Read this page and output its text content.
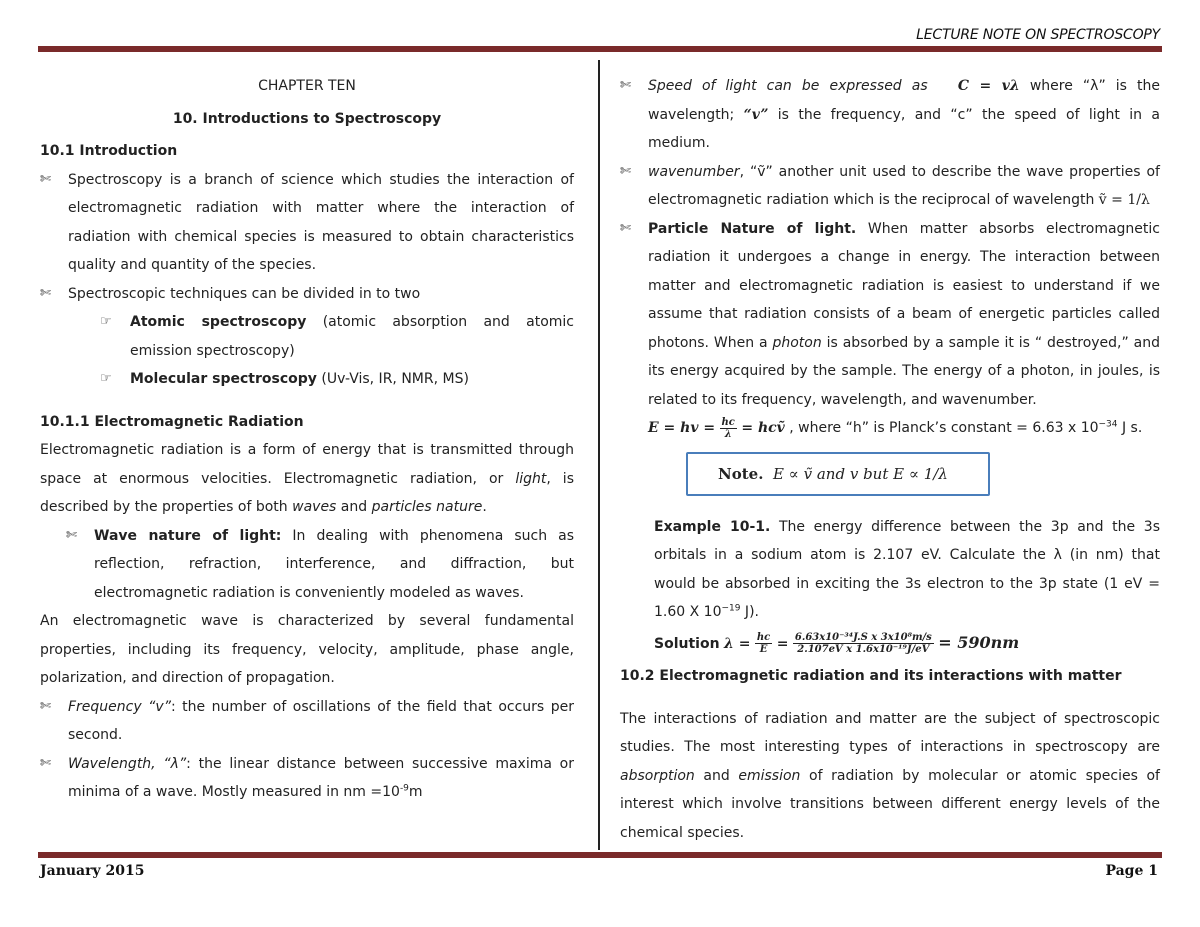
LECTURE NOTE ON SPECTROSCOPY

CHAPTER TEN

10. Introductions to Spectroscopy

10.1 Introduction

✄	Spectroscopy is a branch of science which studies the interaction of electromagnetic radiation with matter where the interaction of radiation with chemical species is measured to obtain characteristics quality and quantity of the species.

✄	Spectroscopic techniques can be divided in to two

☞	Atomic spectroscopy (atomic absorption and atomic emission spectroscopy)

☞	Molecular spectroscopy (Uv-Vis, IR, NMR, MS)

10.1.1 Electromagnetic Radiation

Electromagnetic radiation is a form of energy that is transmitted through space at enormous velocities. Electromagnetic radiation, or light, is described by the properties of both waves and particles nature.

✄	Wave nature of light: In dealing with phenomena such as reflection, refraction, interference, and diffraction, but electromagnetic radiation is conveniently modeled as waves.

An electromagnetic wave is characterized by several fundamental properties, including its frequency, velocity, amplitude, phase angle, polarization, and direction of propagation.

✄	Frequency “v”: the number of oscillations of the field that occurs per second.

✄	Wavelength, “λ”: the linear distance between successive maxima or minima of a wave. Mostly measured in nm $=10^{-9}m$

✄	Speed of light can be expressed as C = vλ where “λ” is the wavelength; “v” is the frequency, and “c” the speed of light in a medium.

✄	wavenumber, “ṽ” another unit used to describe the wave properties of electromagnetic radiation which is the reciprocal of wavelength ṽ = 1/λ

✄	Particle Nature of light. When matter absorbs electromagnetic radiation it undergoes a change in energy. The interaction between matter and electromagnetic radiation is easiest to understand if we assume that radiation consists of a beam of energetic particles called photons. When a photon is absorbed by a sample it is “ destroyed,” and its energy acquired by the sample. The energy of a photon, in joules, is related to its frequency, wavelength, and wavenumber.

E = hv = $\frac{hc}{\lambda}$ = hcṽ , where “h” is Planck’s constant = 6.63 x $10^{-34}$ J s.

Example 10-1. The energy difference between the 3p and the 3s orbitals in a sodium atom is 2.107 eV. Calculate the λ (in nm) that would be absorbed in exciting the 3s electron to the 3p state (1 eV = 1.60 X $10^{-19}$ J).

Solution $\lambda = \frac{hc}{E} = \frac{\text{6.63x10⁻³⁴J.S x 3x10⁸m/s}}{\text{2.107eV x 1.6x10⁻¹⁹J/eV}} = 590nm$

10.2 Electromagnetic radiation and its interactions with matter

The interactions of radiation and matter are the subject of spectroscopic studies. The most interesting types of interactions in spectroscopy are absorption and emission of radiation by molecular or atomic species of interest which involve transitions between different energy levels of the chemical species.

Note.
E ∝ ṽ and v but E ∝ 1/λ
January 2015	Page 1
